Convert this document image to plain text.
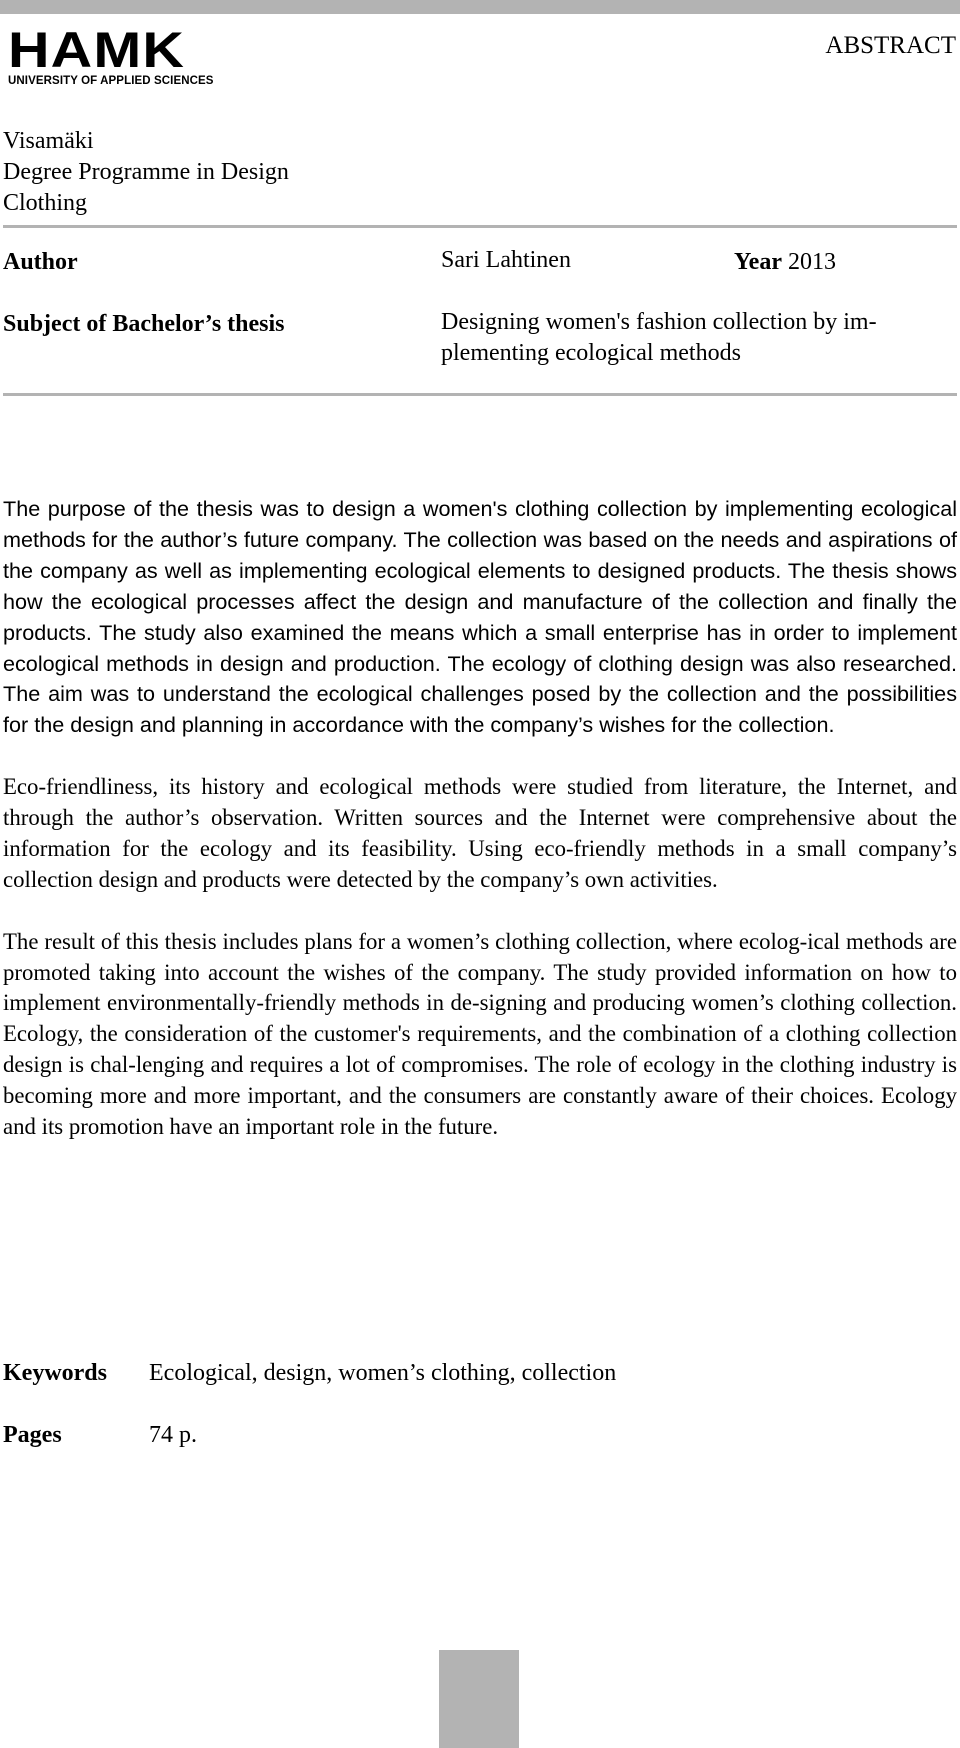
HAMK
UNIVERSITY OF APPLIED SCIENCES
ABSTRACT
Visamäki
Degree Programme in Design
Clothing
Author	Sari Lahtinen	Year 2013
Subject of Bachelor’s thesis	Designing women's fashion collection by im-
plementing ecological methods

The purpose of the thesis was to design a women's clothing collection by implementing ecological methods for the author’s future company. The collection was based on the needs and aspirations of the company as well as implementing ecological elements to designed products. The thesis shows how the ecological processes affect the design and manufacture of the collection and finally the products. The study also examined the means which a small enterprise has in order to implement ecological methods in design and production. The ecology of clothing design was also researched. The aim was to understand the ecological challenges posed by the collection and the possibilities for the design and planning in accordance with the company’s wishes for the collection.

Eco-friendliness, its history and ecological methods were studied from literature, the Internet, and through the author’s observation. Written sources and the Internet were comprehensive about the information for the ecology and its feasibility. Using eco-friendly methods in a small company’s collection design and products were detected by the company’s own activities.

The result of this thesis includes plans for a women’s clothing collection, where ecolog-ical methods are promoted taking into account the wishes of the company. The study provided information on how to implement environmentally-friendly methods in de-signing and producing women’s clothing collection. Ecology, the consideration of the customer's requirements, and the combination of a clothing collection design is chal-lenging and requires a lot of compromises. The role of ecology in the clothing industry is becoming more and more important, and the consumers are constantly aware of their choices. Ecology and its promotion have an important role in the future.

Keywords Ecological, design, women’s clothing, collection
Pages	74 p.
